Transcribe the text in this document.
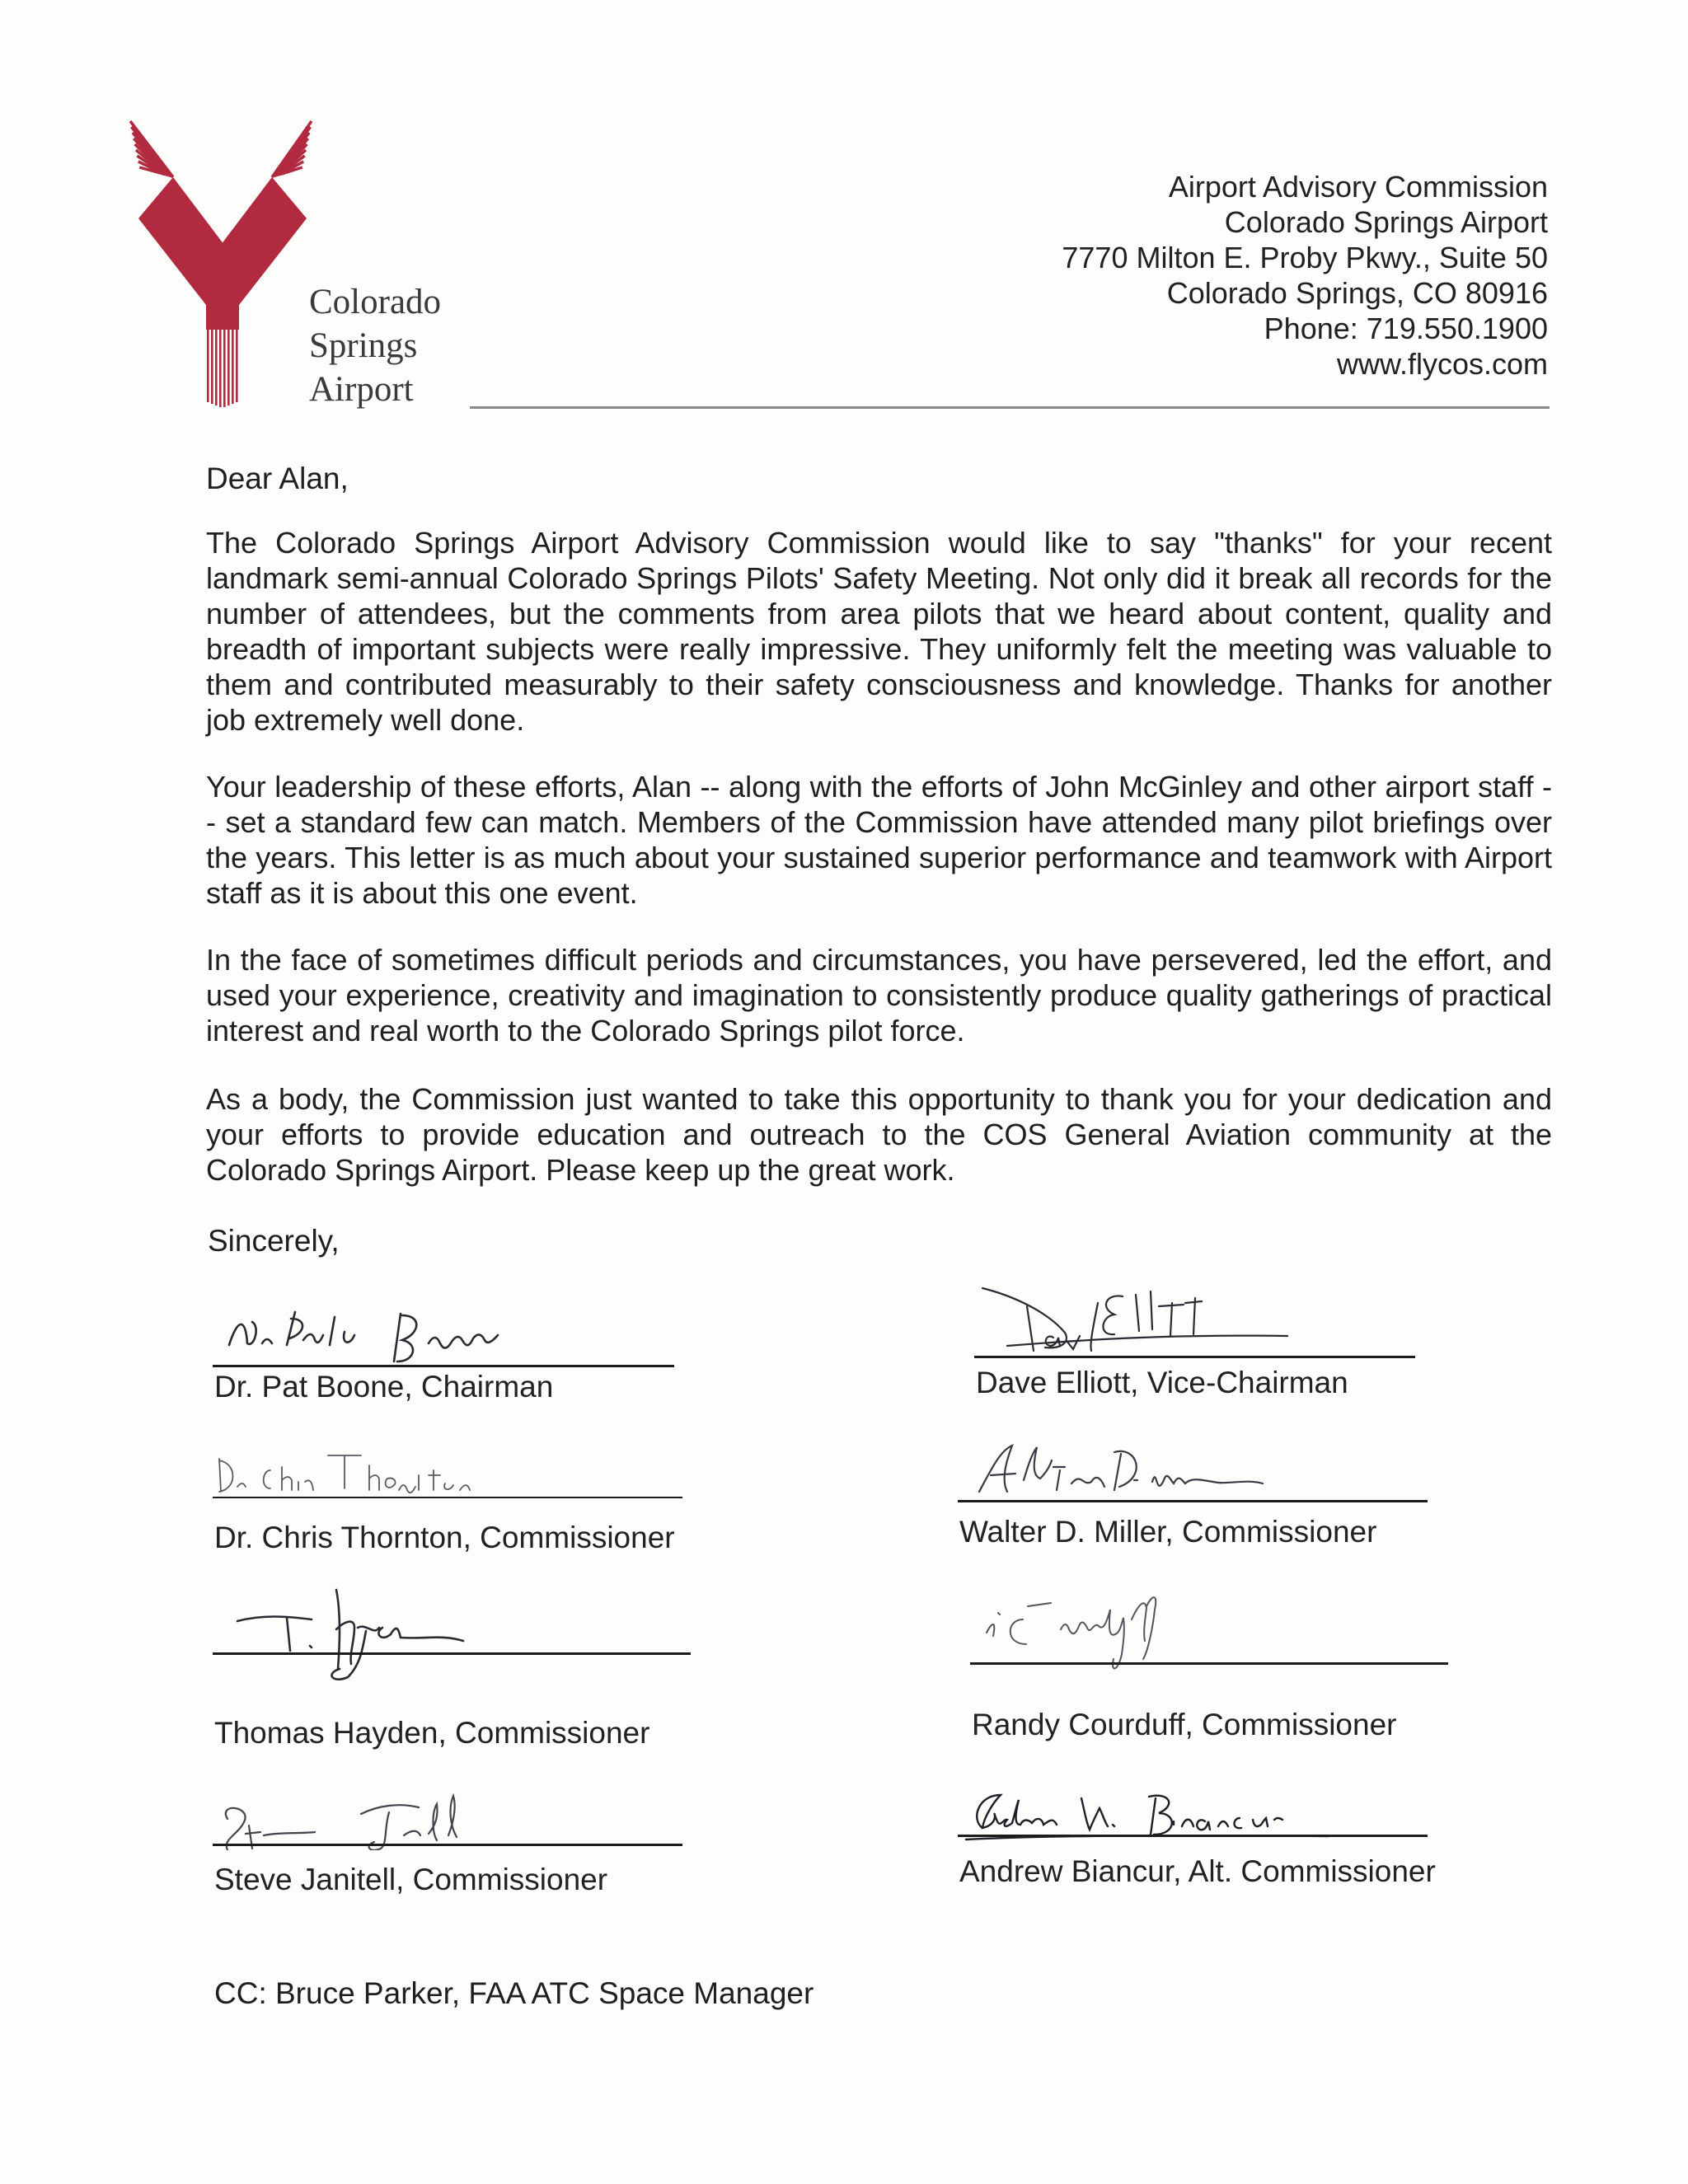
Colorado
Springs
Airport
Airport Advisory Commission
Colorado Springs Airport
7770 Milton E. Proby Pkwy., Suite 50
Colorado Springs, CO 80916
Phone: 719.550.1900
www.flycos.com
Dear Alan,
The Colorado Springs Airport Advisory Commission would like to say "thanks" for your recent landmark semi-annual Colorado Springs Pilots' Safety Meeting. Not only did it break all records for the number of attendees, but the comments from area pilots that we heard about content, quality and breadth of important subjects were really impressive. They uniformly felt the meeting was valuable to them and contributed measurably to their safety consciousness and knowledge. Thanks for another job extremely well done.
Your leadership of these efforts, Alan -- along with the efforts of John McGinley and other airport staff -- set a standard few can match. Members of the Commission have attended many pilot briefings over the years. This letter is as much about your sustained superior performance and teamwork with Airport staff as it is about this one event.
In the face of sometimes difficult periods and circumstances, you have persevered, led the effort, and used your experience, creativity and imagination to consistently produce quality gatherings of practical interest and real worth to the Colorado Springs pilot force.
As a body, the Commission just wanted to take this opportunity to thank you for your dedication and your efforts to provide education and outreach to the COS General Aviation community at the Colorado Springs Airport. Please keep up the great work.
Sincerely,
Dr. Pat Boone, Chairman
Dr. Chris Thornton, Commissioner
Thomas Hayden, Commissioner
Steve Janitell, Commissioner
Dave Elliott, Vice-Chairman
Walter D. Miller, Commissioner
Randy Courduff, Commissioner
Andrew Biancur, Alt. Commissioner
CC: Bruce Parker, FAA ATC Space Manager
